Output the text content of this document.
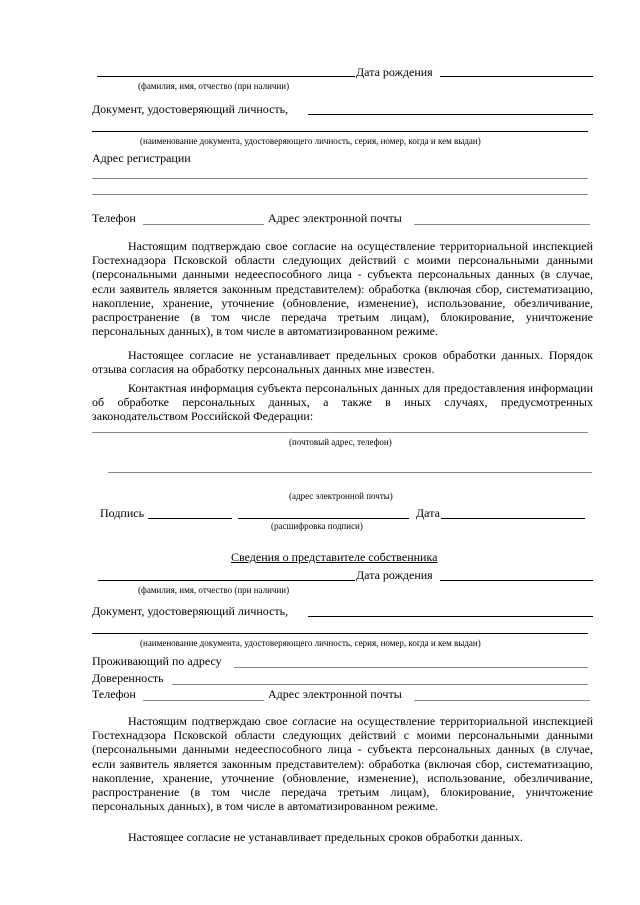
Дата рождения
(фамилия, имя, отчество (при наличии)
Документ, удостоверяющий личность,
(наименование документа, удостоверяющего личность, серия, номер, когда и кем выдан)
Адрес регистрации
Телефон	Адрес электронной почты
Настоящим подтверждаю свое согласие на осуществление территориальной инспекцией Гостехнадзора Псковской области следующих действий с моими персональными данными (персональными данными недееспособного лица - субъекта персональных данных (в случае, если заявитель является законным представителем): обработка (включая сбор, систематизацию, накопление, хранение, уточнение (обновление, изменение), использование, обезличивание, распространение (в том числе передача третьим лицам), блокирование, уничтожение персональных данных), в том числе в автоматизированном режиме.
Настоящее согласие не устанавливает предельных сроков обработки данных. Порядок отзыва согласия на обработку персональных данных мне известен.
Контактная информация субъекта персональных данных для предоставления информации об обработке персональных данных, а также в иных случаях, предусмотренных законодательством Российской Федерации:
(почтовый адрес, телефон)
(адрес электронной почты)
Подпись	Дата
(расшифровка подписи)
Сведения о представителе собственника
Дата рождения
(фамилия, имя, отчество (при наличии)
Документ, удостоверяющий личность,
(наименование документа, удостоверяющего личность, серия, номер, когда и кем выдан)
Проживающий по адресу
Доверенность
Телефон	Адрес электронной почты
Настоящим подтверждаю свое согласие на осуществление территориальной инспекцией Гостехнадзора Псковской области следующих действий с моими персональными данными (персональными данными недееспособного лица - субъекта персональных данных (в случае, если заявитель является законным представителем): обработка (включая сбор, систематизацию, накопление, хранение, уточнение (обновление, изменение), использование, обезличивание, распространение (в том числе передача третьим лицам), блокирование, уничтожение персональных данных), в том числе в автоматизированном режиме.
Настоящее согласие не устанавливает предельных сроков обработки данных.
